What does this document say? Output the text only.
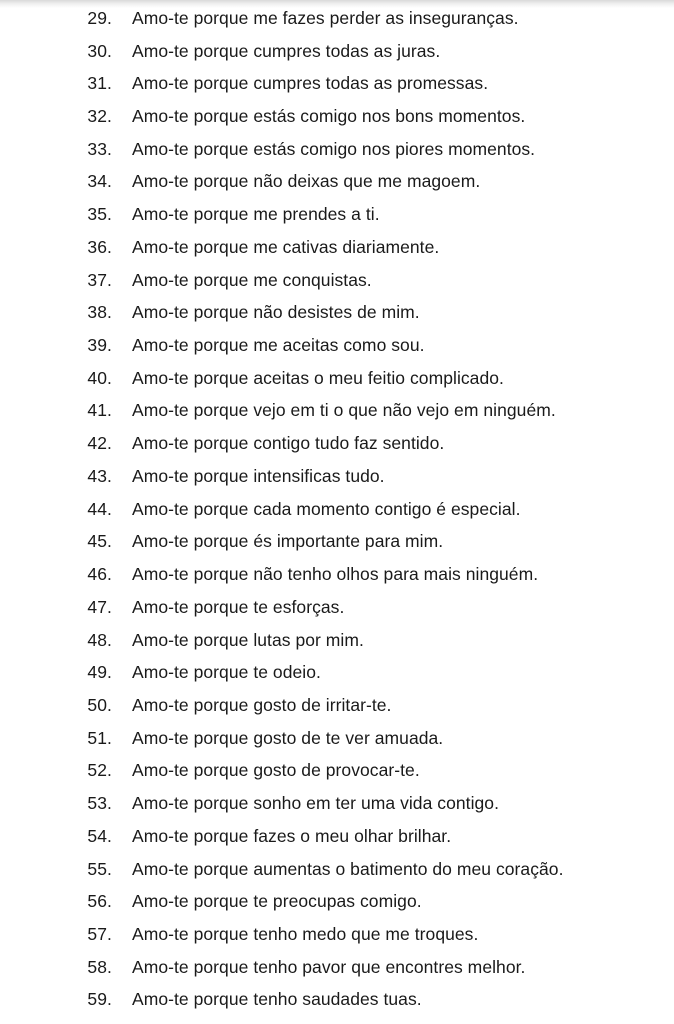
29.	Amo-te porque me fazes perder as inseguranças.
30.	Amo-te porque cumpres todas as juras.
31.	Amo-te porque cumpres todas as promessas.
32.	Amo-te porque estás comigo nos bons momentos.
33.	Amo-te porque estás comigo nos piores momentos.
34.	Amo-te porque não deixas que me magoem.
35.	Amo-te porque me prendes a ti.
36.	Amo-te porque me cativas diariamente.
37.	Amo-te porque me conquistas.
38.	Amo-te porque não desistes de mim.
39.	Amo-te porque me aceitas como sou.
40.	Amo-te porque aceitas o meu feitio complicado.
41.	Amo-te porque vejo em ti o que não vejo em ninguém.
42.	Amo-te porque contigo tudo faz sentido.
43.	Amo-te porque intensificas tudo.
44.	Amo-te porque cada momento contigo é especial.
45.	Amo-te porque és importante para mim.
46.	Amo-te porque não tenho olhos para mais ninguém.
47.	Amo-te porque te esforças.
48.	Amo-te porque lutas por mim.
49.	Amo-te porque te odeio.
50.	Amo-te porque gosto de irritar-te.
51.	Amo-te porque gosto de te ver amuada.
52.	Amo-te porque gosto de provocar-te.
53.	Amo-te porque sonho em ter uma vida contigo.
54.	Amo-te porque fazes o meu olhar brilhar.
55.	Amo-te porque aumentas o batimento do meu coração.
56.	Amo-te porque te preocupas comigo.
57.	Amo-te porque tenho medo que me troques.
58.	Amo-te porque tenho pavor que encontres melhor.
59.	Amo-te porque tenho saudades tuas.
